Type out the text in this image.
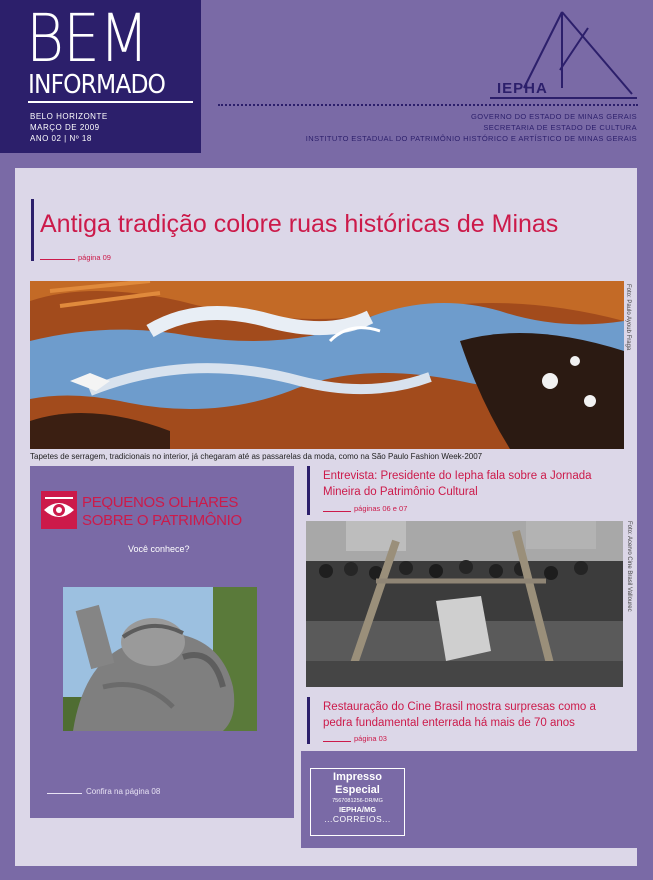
BEM
INFORMADO
BELO HORIZONTE
MARÇO DE 2009
ANO 02 | Nº 18
IEPHA
GOVERNO DO ESTADO DE MINAS GERAIS
SECRETARIA DE ESTADO DE CULTURA
INSTITUTO ESTADUAL DO PATRIMÔNIO HISTÓRICO E ARTÍSTICO DE MINAS GERAIS
Antiga tradição colore ruas históricas de Minas
página 09
Foto: Paulo Ayoub Fraga
Tapetes de serragem, tradicionais no interior, já chegaram até as passarelas da moda, como na São Paulo Fashion Week-2007
PEQUENOS OLHARES
SOBRE O PATRIMÔNIO
Você conhece?
Confira na página 08
Entrevista: Presidente do Iepha fala sobre a Jornada Mineira do Patrimônio Cultural
páginas 06 e 07
Foto: Acervo Cine Brasil Vallourec
Restauração do Cine Brasil mostra surpresas como a pedra fundamental enterrada há mais de 70 anos
página 03
Impresso
Especial
7567081256-DR/MG
IEPHA/MG
...CORREIOS...
